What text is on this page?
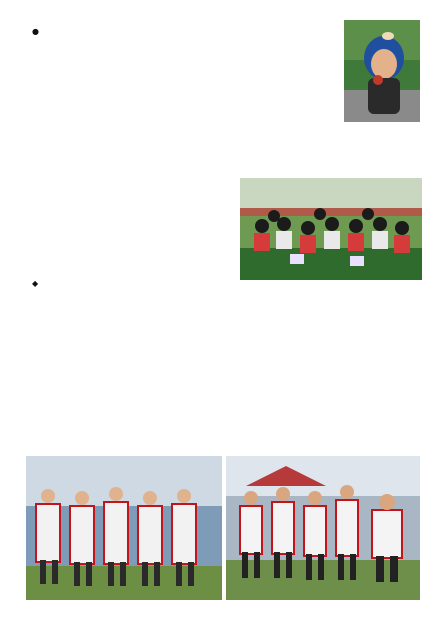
●
◆
